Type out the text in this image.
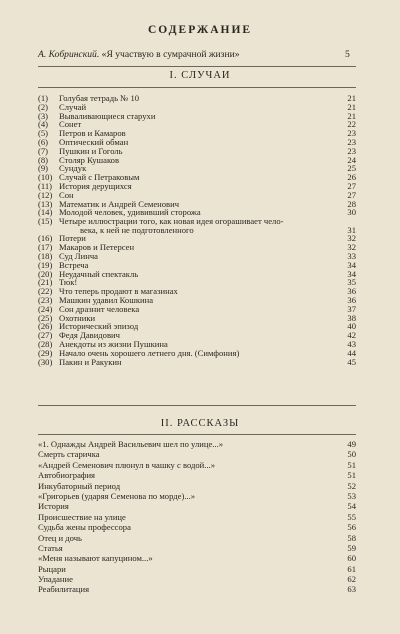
СОДЕРЖАНИЕ
А. Кобринский. «Я участвую в сумрачной жизни»	5
I. СЛУЧАИ
(1) Голубая тетрадь № 10	21
(2) Случай	21
(3) Вываливающиеся старухи	21
(4) Сонет	22
(5) Петров и Камаров	23
(6) Оптический обман	23
(7) Пушкин и Гоголь	23
(8) Столяр Кушаков	24
(9) Сундук	25
(10) Случай с Петраковым	26
(11) История дерущихся	27
(12) Сон	27
(13) Математик и Андрей Семенович	28
(14) Молодой человек, удививший сторожа	30
(15) Четыре иллюстрации того, как новая идея огорашивает чело-
века, к ней не подготовленного	31
(16) Потери	32
(17) Макаров и Петерсен	32
(18) Суд Линча	33
(19) Встреча	34
(20) Неудачный спектакль	34
(21) Тюк!	35
(22) Что теперь продают в магазинах	36
(23) Машкин удавил Кошкина	36
(24) Сон дразнит человека	37
(25) Охотники	38
(26) Исторический эпизод	40
(27) Федя Давидович	42
(28) Анекдоты из жизни Пушкина	43
(29) Начало очень хорошего летнего дня. (Симфония)	44
(30) Пакин и Ракукин	45
II. РАССКАЗЫ
«1. Однажды Андрей Васильевич шел по улице...»	49
Смерть старичка	50
«Андрей Семенович плюнул в чашку с водой...»	51
Автобиография	51
Инкубаторный период	52
«Григорьев (ударяя Семенова по морде)...»	53
История	54
Происшествие на улице	55
Судьба жены профессора	56
Отец и дочь	58
Статья	59
«Меня называют капуцином...»	60
Рыцари	61
Упадание	62
Реабилитация	63
